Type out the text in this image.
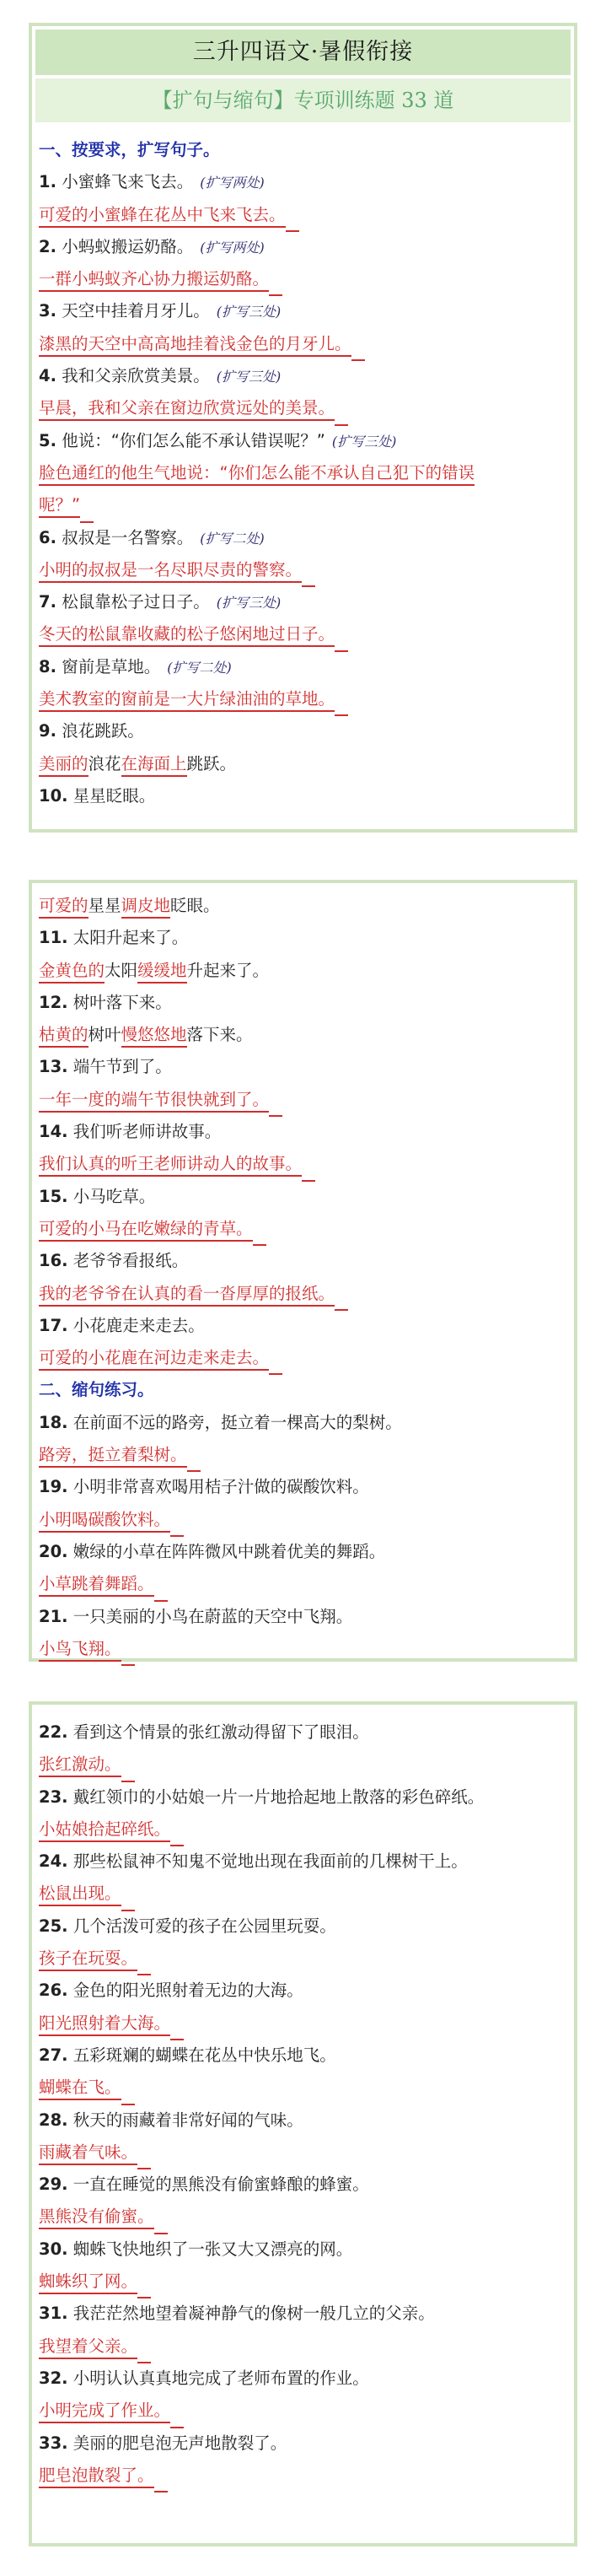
三升四语文·暑假衔接
【扩句与缩句】专项训练题 33 道
一、按要求，扩写句子。
1. 小蜜蜂飞来飞去。 (扩写两处)
可爱的小蜜蜂在花丛中飞来飞去。
2. 小蚂蚁搬运奶酪。 (扩写两处)
一群小蚂蚁齐心协力搬运奶酪。
3. 天空中挂着月牙儿。 (扩写三处)
漆黑的天空中高高地挂着浅金色的月牙儿。
4. 我和父亲欣赏美景。 (扩写三处)
早晨，我和父亲在窗边欣赏远处的美景。
5. 他说：“你们怎么能不承认错误呢？” (扩写三处)
脸色通红的他生气地说：“你们怎么能不承认自己犯下的错误
呢？”
6. 叔叔是一名警察。 (扩写二处)
小明的叔叔是一名尽职尽责的警察。
7. 松鼠靠松子过日子。 (扩写三处)
冬天的松鼠靠收藏的松子悠闲地过日子。
8. 窗前是草地。 (扩写二处)
美术教室的窗前是一大片绿油油的草地。
9. 浪花跳跃。
美丽的浪花在海面上跳跃。
10. 星星眨眼。
可爱的星星调皮地眨眼。
11. 太阳升起来了。
金黄色的太阳缓缓地升起来了。
12. 树叶落下来。
枯黄的树叶慢悠悠地落下来。
13. 端午节到了。
一年一度的端午节很快就到了。
14. 我们听老师讲故事。
我们认真的听王老师讲动人的故事。
15. 小马吃草。
可爱的小马在吃嫩绿的青草。
16. 老爷爷看报纸。
我的老爷爷在认真的看一沓厚厚的报纸。
17. 小花鹿走来走去。
可爱的小花鹿在河边走来走去。
二、缩句练习。
18. 在前面不远的路旁，挺立着一棵高大的梨树。
路旁，挺立着梨树。
19. 小明非常喜欢喝用桔子汁做的碳酸饮料。
小明喝碳酸饮料。
20. 嫩绿的小草在阵阵微风中跳着优美的舞蹈。
小草跳着舞蹈。
21. 一只美丽的小鸟在蔚蓝的天空中飞翔。
小鸟飞翔。
22. 看到这个情景的张红激动得留下了眼泪。
张红激动。
23. 戴红领巾的小姑娘一片一片地拾起地上散落的彩色碎纸。
小姑娘拾起碎纸。
24. 那些松鼠神不知鬼不觉地出现在我面前的几棵树干上。
松鼠出现。
25. 几个活泼可爱的孩子在公园里玩耍。
孩子在玩耍。
26. 金色的阳光照射着无边的大海。
阳光照射着大海。
27. 五彩斑斓的蝴蝶在花丛中快乐地飞。
蝴蝶在飞。
28. 秋天的雨藏着非常好闻的气味。
雨藏着气味。
29. 一直在睡觉的黑熊没有偷蜜蜂酿的蜂蜜。
黑熊没有偷蜜。
30. 蜘蛛飞快地织了一张又大又漂亮的网。
蜘蛛织了网。
31. 我茫茫然地望着凝神静气的像树一般几立的父亲。
我望着父亲。
32. 小明认认真真地完成了老师布置的作业。
小明完成了作业。
33. 美丽的肥皂泡无声地散裂了。
肥皂泡散裂了。
